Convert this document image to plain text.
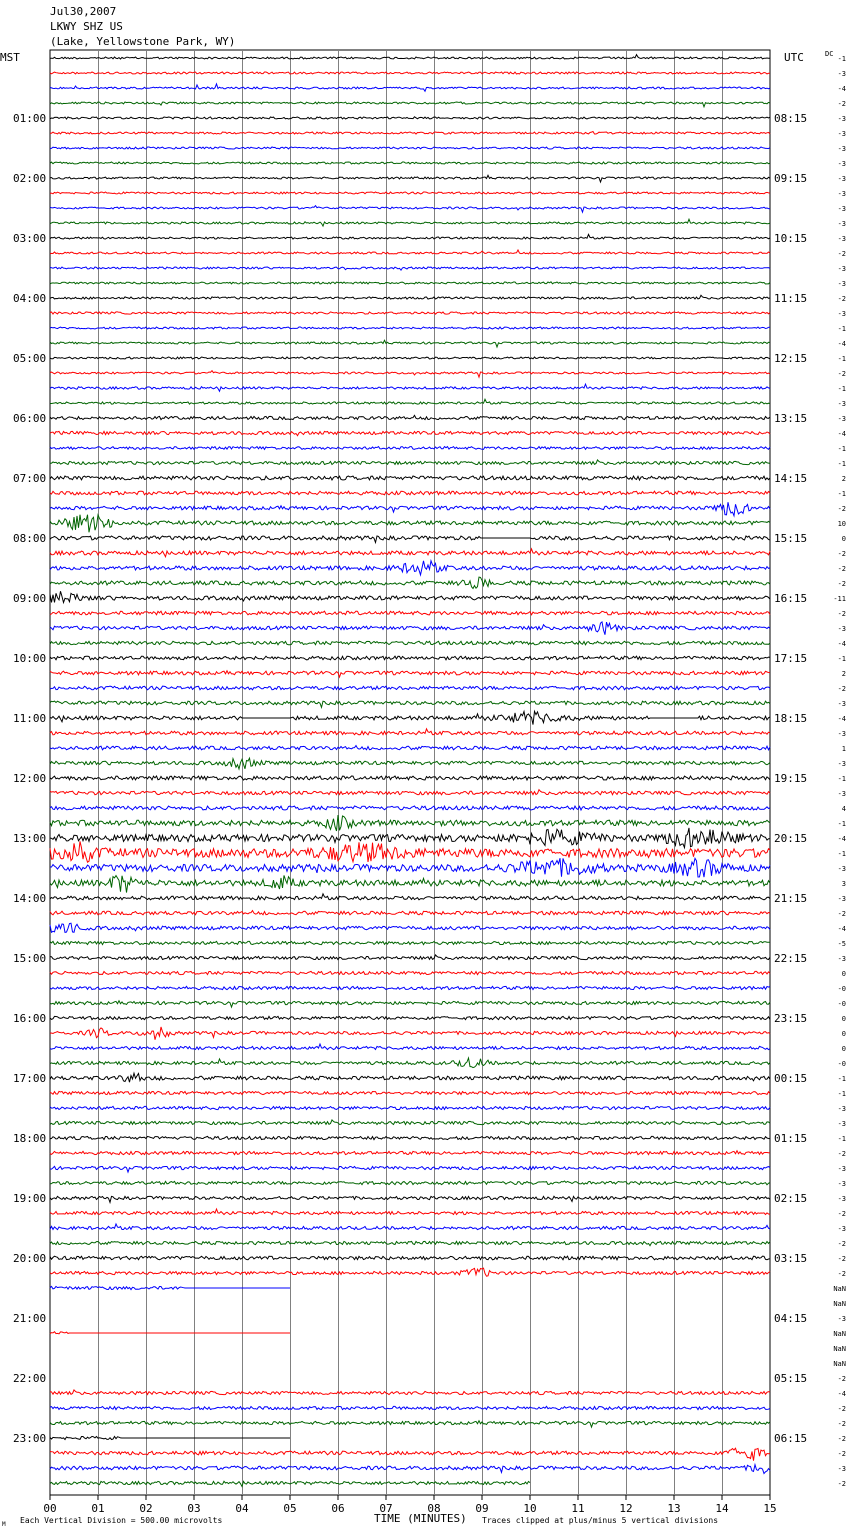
Jul30,2007
LKWY SHZ US
(Lake, Yellowstone Park, WY)
MST	UTC	DC
01:00
02:00
03:00
04:00
05:00
06:00
07:00
08:00
09:00
10:00
11:00
12:00
13:00
14:00
15:00
16:00
17:00
18:00
19:00
20:00
21:00
22:00
23:00
08:15
09:15
10:15
11:15
12:15
13:15
14:15
15:15
16:15
17:15
18:15
19:15
20:15
21:15
22:15
23:15
00:15
01:15
02:15
03:15
04:15
05:15
06:15
-1
-3
-4
-2
-3
-3
-3
-3
-3
-3
-3
-3
-3
-2
-3
-3
-2
-3
-1
-4
-1
-2
-1
-3
-3
-4
-1
-1
2
-1
-2
10
0
-2
-2
-2
-11
-2
-3
-4
-1
2
-2
-3
-4
-3
1
-3
-1
-3
4
-1
-4
-1
-3
3
-3
-2
-4
-5
-3
0
-0
-0
0
0
0
-0
-1
-1
-3
-3
-1
-2
-3
-3
-3
-2
-3
-2
-2
-2
NaN
NaN
-3
NaN
NaN
NaN
-2
-4
-2
-2
-2
-2
-3
-2
00	01	02	03	04	05	06	07	08	09	10	11	12	13	14	15
M Each Vertical Division = 500.00 microvolts	TIME (MINUTES) Traces clipped at plus/minus 5 vertical divisions
